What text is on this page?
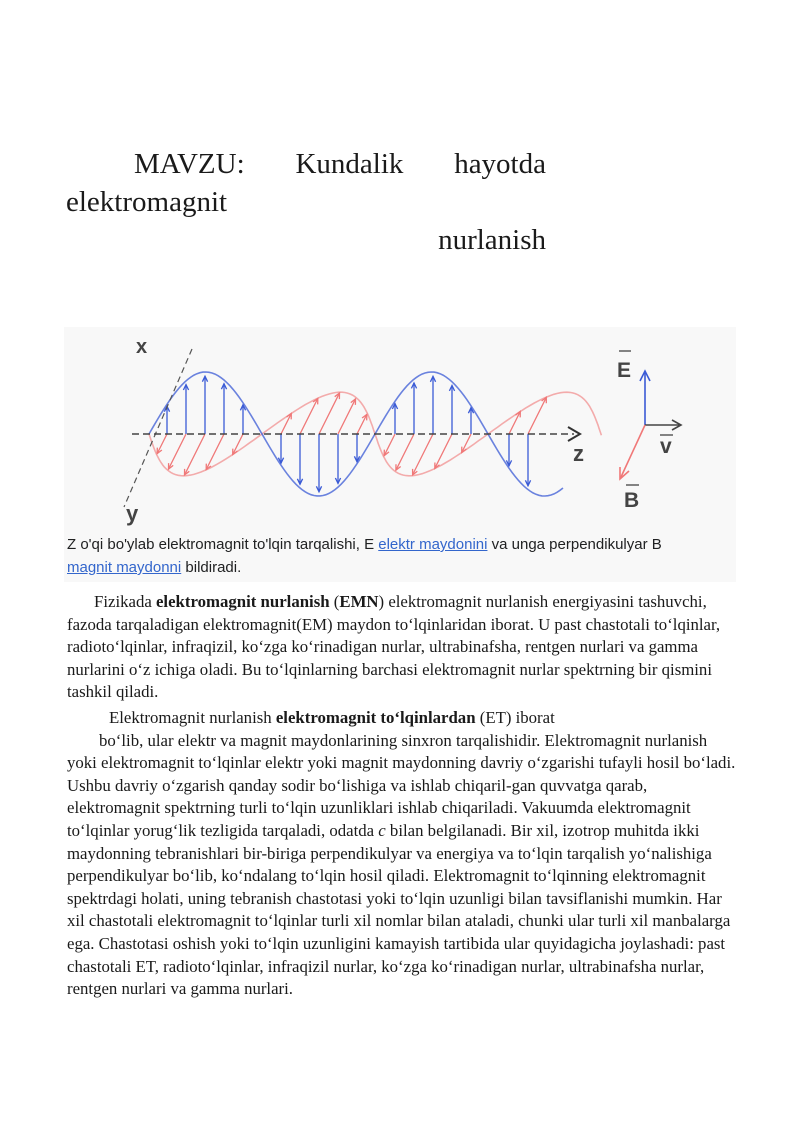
MAVZU: Kundalik hayotda
elektromagnit
nurlanish
x
y
z
E
v
B
Z o'qi bo'ylab elektromagnit to'lqin tarqalishi, E elektr maydonini va unga perpendikulyar B magnit maydonni bildiradi.
Fizikada elektromagnit nurlanish (EMN) elektromagnit nurlanish energiyasini tashuvchi, fazoda tarqaladigan elektromagnit(EM) maydon to‘lqinlaridan iborat. U past chastotali to‘lqinlar, radioto‘lqinlar, infraqizil, ko‘zga ko‘rinadigan nurlar, ultrabinafsha, rentgen nurlari va gamma nurlarini o‘z ichiga oladi. Bu to‘lqinlarning barchasi elektromagnit nurlar spektrning bir qismini tashkil qiladi.
Elektromagnit nurlanish elektromagnit to‘lqinlardan (ET) iborat
bo‘lib, ular elektr va magnit maydonlarining sinxron tarqalishidir. Elektromagnit nurlanish yoki elektromagnit to‘lqinlar elektr yoki magnit maydonning davriy o‘zgarishi tufayli hosil bo‘ladi. Ushbu davriy o‘zgarish qanday sodir bo‘lishiga va ishlab chiqaril-gan quvvatga qarab, elektromagnit spektrning turli to‘lqin uzunliklari ishlab chiqariladi. Vakuumda elektromagnit to‘lqinlar yorug‘lik tezligida tarqaladi, odatda c bilan belgilanadi. Bir xil, izotrop muhitda ikki maydonning tebranishlari bir-biriga perpendikulyar va energiya va to‘lqin tarqalish yo‘nalishiga perpendikulyar bo‘lib, ko‘ndalang to‘lqin hosil qiladi. Elektromagnit to‘lqinning elektromagnit spektrdagi holati, uning tebranish chastotasi yoki to‘lqin uzunligi bilan tavsiflanishi mumkin. Har xil chastotali elektromagnit to‘lqinlar turli xil nomlar bilan ataladi, chunki ular turli xil manbalarga ega. Chastotasi oshish yoki to‘lqin uzunligini kamayish tartibida ular quyidagicha joylashadi: past chastotali ET, radioto‘lqinlar, infraqizil nurlar, ko‘zga ko‘rinadigan nurlar, ultrabinafsha nurlar, rentgen nurlari va gamma nurlari.
